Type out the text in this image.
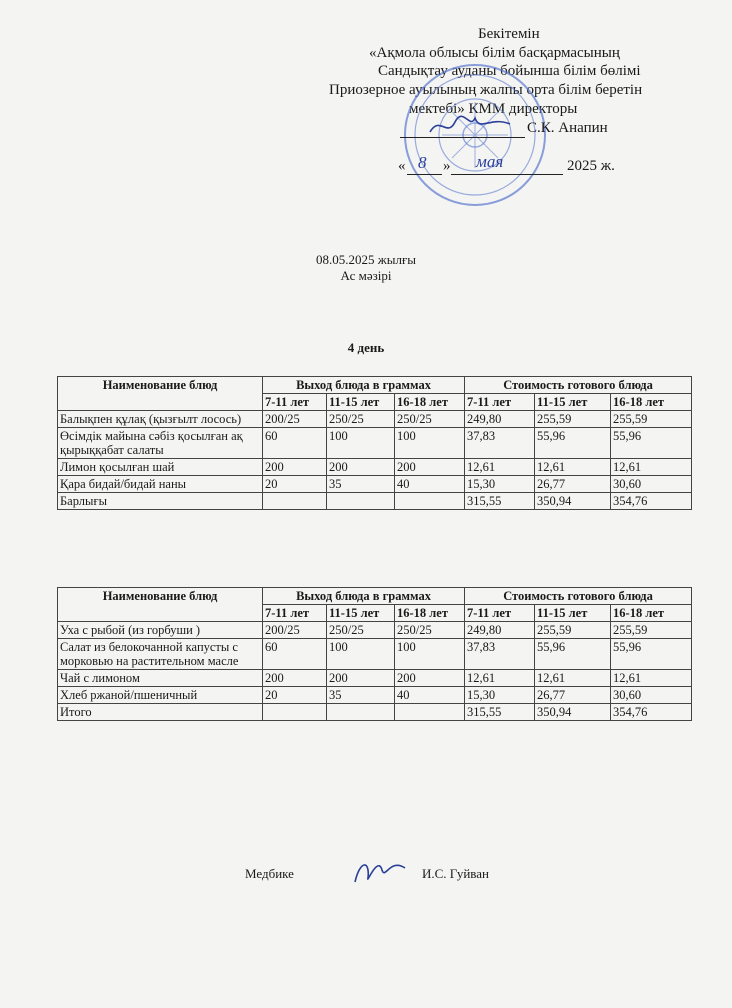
Бекітемін
«Ақмола облысы білім басқармасының
Сандықтау ауданы бойынша білім бөлімі
Приозерное ауылының жалпы орта білім беретін
мектебі» КММ директоры
С.К. Анапин
« 8 » мая	2025 ж.
08.05.2025 жылғы
Ас мәзірі
4 день
Наименование блюд	Выход блюда в граммах			Стоимость готового блюда		
	7-11 лет	11-15 лет	16-18 лет	7-11 лет	11-15 лет	16-18 лет
Балықпен құлақ (қызғылт лосось)	200/25	250/25	250/25	249,80	255,59	255,59
Өсімдік майына сәбіз қосылған ақ қырыққабат салаты	60	100	100	37,83	55,96	55,96
Лимон қосылған шай	200	200	200	12,61	12,61	12,61
Қара бидай/бидай наны	20	35	40	15,30	26,77	30,60
Барлығы				315,55	350,94	354,76
Наименование блюд	Выход блюда в граммах			Стоимость готового блюда		
	7-11 лет	11-15 лет	16-18 лет	7-11 лет	11-15 лет	16-18 лет
Уха с рыбой (из горбуши )	200/25	250/25	250/25	249,80	255,59	255,59
Салат из белокочанной капусты с морковью на растительном масле	60	100	100	37,83	55,96	55,96
Чай с лимоном	200	200	200	12,61	12,61	12,61
Хлеб ржаной/пшеничный	20	35	40	15,30	26,77	30,60
Итого				315,55	350,94	354,76
Медбике	И.С. Гуйван
